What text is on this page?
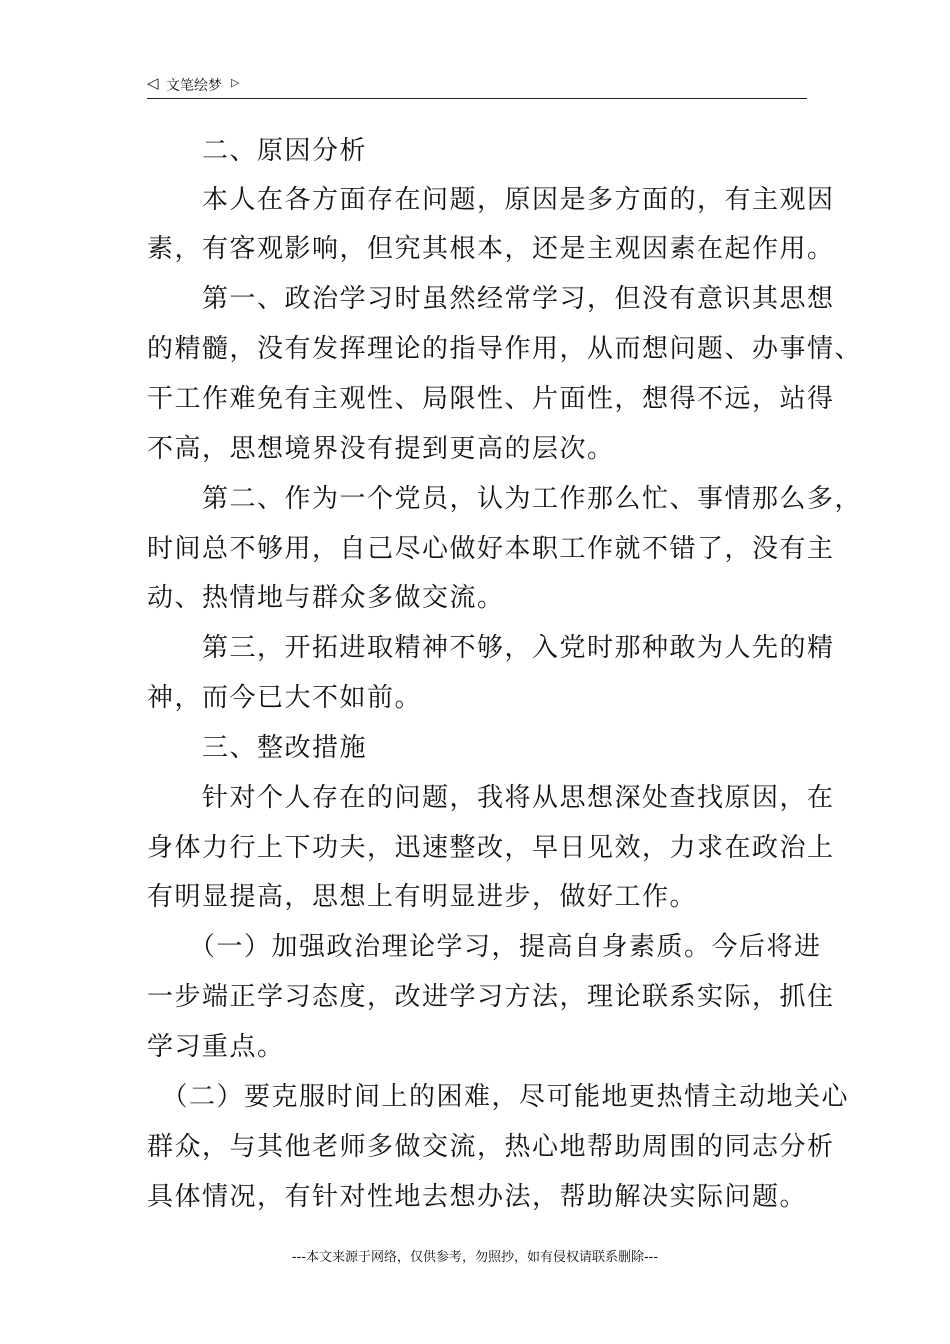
◁ 文笔绘梦 ▷
　　二、原因分析
　　本人在各方面存在问题，原因是多方面的，有主观因
素，有客观影响，但究其根本，还是主观因素在起作用。
　　第一、政治学习时虽然经常学习，但没有意识其思想
的精髓，没有发挥理论的指导作用，从而想问题、办事情、
干工作难免有主观性、局限性、片面性，想得不远，站得
不高，思想境界没有提到更高的层次。
　　第二、作为一个党员，认为工作那么忙、事情那么多，
时间总不够用，自己尽心做好本职工作就不错了，没有主
动、热情地与群众多做交流。
　　第三，开拓进取精神不够，入党时那种敢为人先的精
神，而今已大不如前。
　　三、整改措施
　　针对个人存在的问题，我将从思想深处查找原因，在
身体力行上下功夫，迅速整改，早日见效，力求在政治上
有明显提高，思想上有明显进步，做好工作。
　　（一）加强政治理论学习，提高自身素质。今后将进
一步端正学习态度，改进学习方法，理论联系实际，抓住
学习重点。
　（二）要克服时间上的困难，尽可能地更热情主动地关心
群众，与其他老师多做交流，热心地帮助周围的同志分析
具体情况，有针对性地去想办法，帮助解决实际问题。
---本文来源于网络，仅供参考，勿照抄，如有侵权请联系删除---
